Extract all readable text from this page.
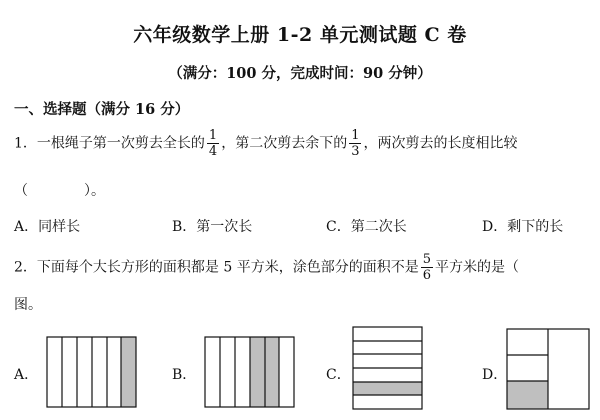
六年级数学上册 1-2 单元测试题 C 卷
（满分：100 分，完成时间：90 分钟）
一、选择题（满分 16 分）
1．一根绳子第一次剪去全长的 $\frac{1}{4}$ ，第二次剪去余下的 $\frac{1}{3}$ ，两次剪去的长度相比较
（　　　　）。
A．同样长	B．第一次长	C．第二次长	D．剩下的长
2．下面每个大长方形的面积都是 5 平方米，涂色部分的面积不是 $\frac{5}{6}$ 平方米的是（
图。
A．	B．	C．	D．
